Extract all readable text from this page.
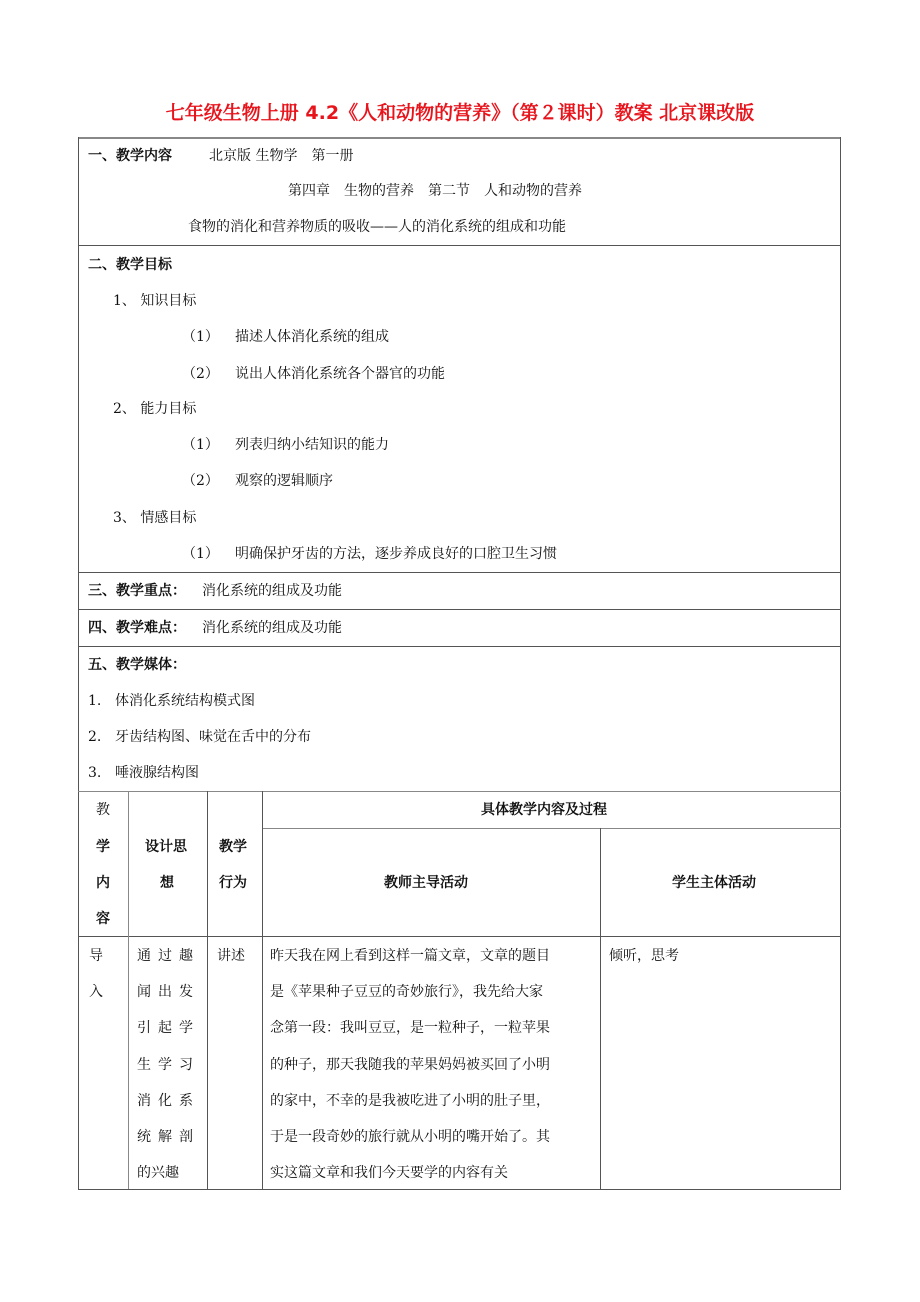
七年级生物上册 4.2《人和动物的营养》（第２课时）教案 北京课改版
一、教学内容	北京版 生物学　第一册
第四章　生物的营养　第二节　人和动物的营养
食物的消化和营养物质的吸收——人的消化系统的组成和功能
二、教学目标
1、 知识目标
（1） 描述人体消化系统的组成
（2） 说出人体消化系统各个器官的功能
2、 能力目标
（1） 列表归纳小结知识的能力
（2） 观察的逻辑顺序
3、 情感目标
（1） 明确保护牙齿的方法，逐步养成良好的口腔卫生习惯
三、教学重点： 消化系统的组成及功能
四、教学难点： 消化系统的组成及功能
五、教学媒体：
1. 体消化系统结构模式图
2. 牙齿结构图、味觉在舌中的分布
3. 唾液腺结构图
教
学
内
容
设计思
想
教学
行为
具体教学内容及过程
教师主导活动	学生主体活动
导
入
通过趣
闻出发
引起学
生学习
消化系
统解剖
的兴趣
讲述 昨天我在网上看到这样一篇文章，文章的题目
是《苹果种子豆豆的奇妙旅行》，我先给大家
念第一段：我叫豆豆，是一粒种子，一粒苹果
的种子，那天我随我的苹果妈妈被买回了小明
的家中，不幸的是我被吃进了小明的肚子里，
于是一段奇妙的旅行就从小明的嘴开始了。其
实这篇文章和我们今天要学的内容有关
倾听，思考
